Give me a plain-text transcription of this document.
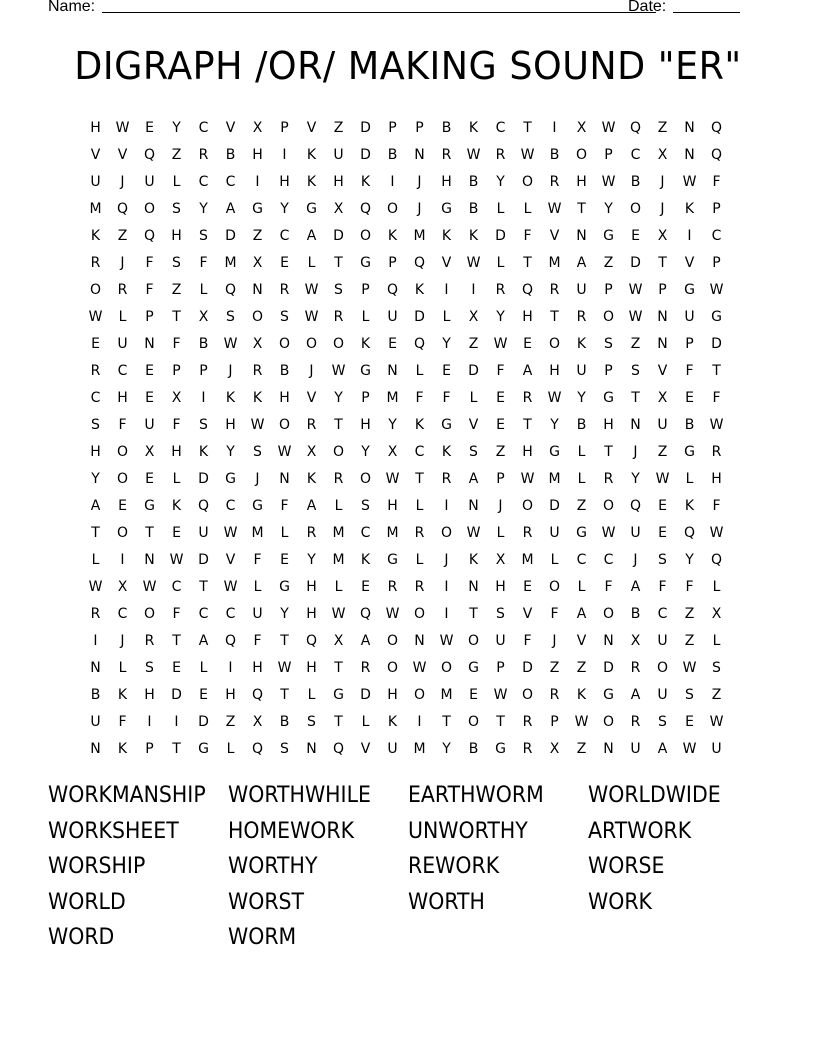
Name:	Date:
DIGRAPH /OR/ MAKING SOUND "ER"
H	W	E	Y	C	V	X	P	V	Z	D	P	P	B	K	C	T	I	X	W	Q	Z	N	Q
V	V	Q	Z	R	B	H	I	K	U	D	B	N	R	W	R	W	B	O	P	C	X	N	Q
U	J	U	L	C	C	I	H	K	H	K	I	J	H	B	Y	O	R	H	W	B	J	W	F
M	Q	O	S	Y	A	G	Y	G	X	Q	O	J	G	B	L	L	W	T	Y	O	J	K	P
K	Z	Q	H	S	D	Z	C	A	D	O	K	M	K	K	D	F	V	N	G	E	X	I	C
R	J	F	S	F	M	X	E	L	T	G	P	Q	V	W	L	T	M	A	Z	D	T	V	P
O	R	F	Z	L	Q	N	R	W	S	P	Q	K	I	I	R	Q	R	U	P	W	P	G	W
W	L	P	T	X	S	O	S	W	R	L	U	D	L	X	Y	H	T	R	O	W	N	U	G
E	U	N	F	B	W	X	O	O	O	K	E	Q	Y	Z	W	E	O	K	S	Z	N	P	D
R	C	E	P	P	J	R	B	J	W	G	N	L	E	D	F	A	H	U	P	S	V	F	T
C	H	E	X	I	K	K	H	V	Y	P	M	F	F	L	E	R	W	Y	G	T	X	E	F
S	F	U	F	S	H	W	O	R	T	H	Y	K	G	V	E	T	Y	B	H	N	U	B	W
H	O	X	H	K	Y	S	W	X	O	Y	X	C	K	S	Z	H	G	L	T	J	Z	G	R
Y	O	E	L	D	G	J	N	K	R	O	W	T	R	A	P	W	M	L	R	Y	W	L	H
A	E	G	K	Q	C	G	F	A	L	S	H	L	I	N	J	O	D	Z	O	Q	E	K	F
T	O	T	E	U	W	M	L	R	M	C	M	R	O	W	L	R	U	G	W	U	E	Q	W
L	I	N	W	D	V	F	E	Y	M	K	G	L	J	K	X	M	L	C	C	J	S	Y	Q
W	X	W	C	T	W	L	G	H	L	E	R	R	I	N	H	E	O	L	F	A	F	F	L
R	C	O	F	C	C	U	Y	H	W	Q	W	O	I	T	S	V	F	A	O	B	C	Z	X
I	J	R	T	A	Q	F	T	Q	X	A	O	N	W	O	U	F	J	V	N	X	U	Z	L
N	L	S	E	L	I	H	W	H	T	R	O	W	O	G	P	D	Z	Z	D	R	O	W	S
B	K	H	D	E	H	Q	T	L	G	D	H	O	M	E	W	O	R	K	G	A	U	S	Z
U	F	I	I	D	Z	X	B	S	T	L	K	I	T	O	T	R	P	W	O	R	S	E	W
N	K	P	T	G	L	Q	S	N	Q	V	U	M	Y	B	G	R	X	Z	N	U	A	W	U
WORKMANSHIP	WORTHWHILE	EARTHWORM	WORLDWIDE
WORKSHEET	HOMEWORK	UNWORTHY	ARTWORK
WORSHIP	WORTHY	REWORK	WORSE
WORLD	WORST	WORTH	WORK
WORD	WORM
